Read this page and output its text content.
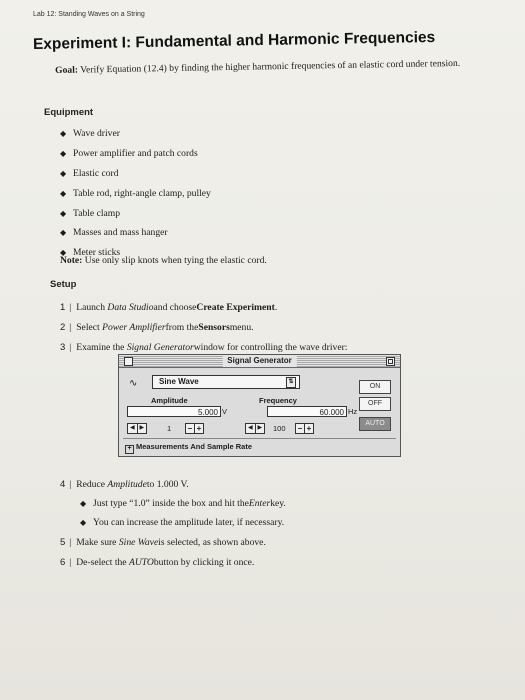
Lab 12: Standing Waves on a String
Experiment I: Fundamental and Harmonic Frequencies
Goal: Verify Equation (12.4) by finding the higher harmonic frequencies of an elastic cord under tension.
Equipment
◆ Wave driver
◆ Power amplifier and patch cords
◆ Elastic cord
◆ Table rod, right-angle clamp, pulley
◆ Table clamp
◆ Masses and mass hanger
◆ Meter sticks
Note: Use only slip knots when tying the elastic cord.
Setup
1 | Launch
Data Studio and choose Create Experiment .
2 | Select
Power Amplifier from the Sensors menu.
3 | Examine the
Signal Generator window for controlling the wave driver:
Signal Generator
∿	Sine Wave	⇅
Amplitude	Frequency
5.000 V	60.000 Hz
◀ ▶	1 − +	◀ ▶ 100 − +
ON
OFF
AUTO
+ Measurements And Sample Rate
4 | Reduce
Amplitude to 1.000 V.
◆ Just type “1.0” inside the box and hit the Enter key.
◆ You can increase the amplitude later, if necessary.
5 | Make sure
Sine Wave is selected, as shown above.
6 | De-select the
AUTO button by clicking it once.
